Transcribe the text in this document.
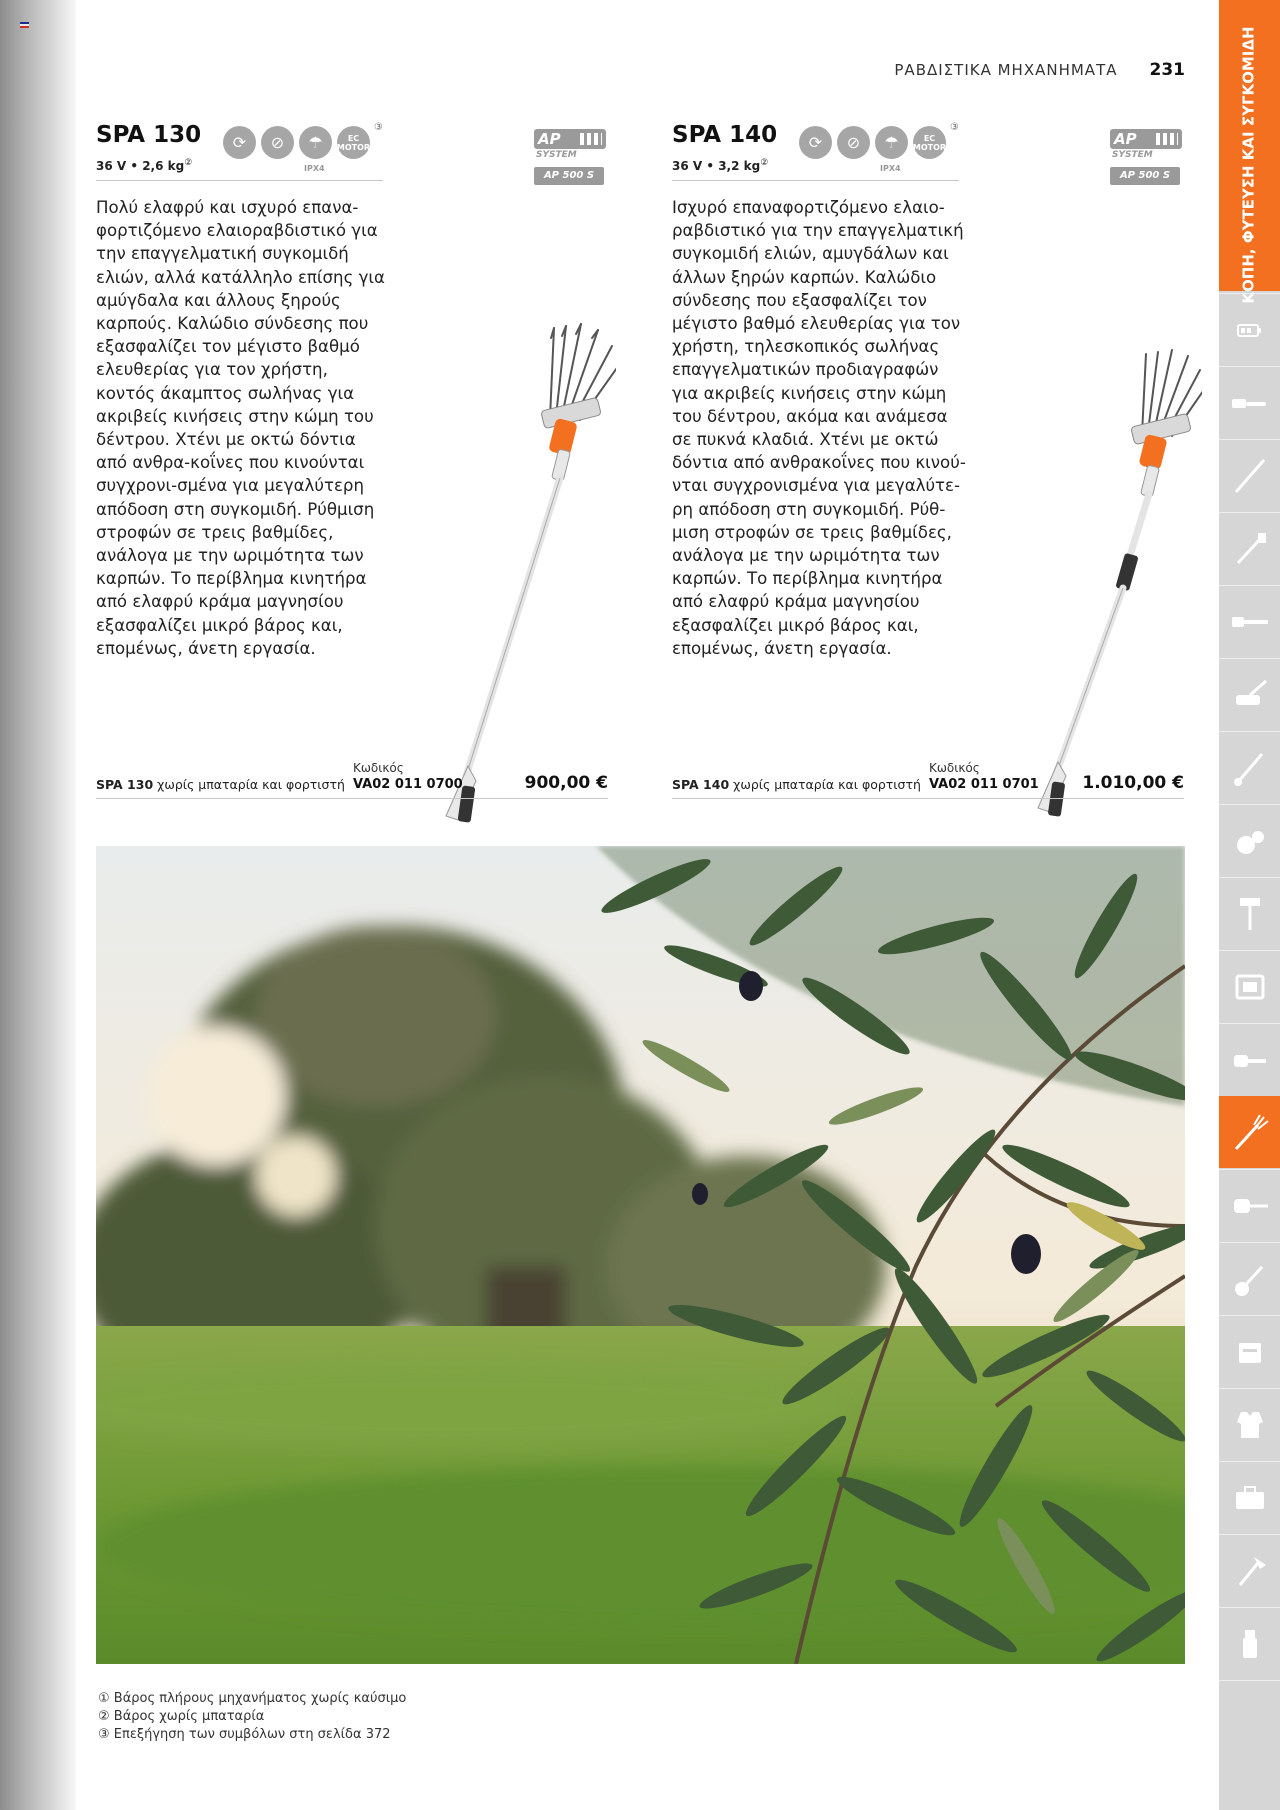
ΡΑΒΔΙΣΤΙΚΑ ΜΗΧΑΝΗΜΑΤΑ 231
SPA 130
36 V • 2,6 kg②
⟳	⊘	☂	EC MOTOR
IPX4
③
AP
SYSTEM
AP 500 S
Πολύ ελαφρύ και ισχυρό επανα-φορτιζόμενο ελαιοραβδιστικό για την επαγγελματική συγκομιδή ελιών, αλλά κατάλληλο επίσης για αμύγδαλα και άλλους ξηρούς καρπούς. Καλώδιο σύνδεσης που εξασφαλίζει τον μέγιστο βαθμό ελευθερίας για τον χρήστη, κοντός άκαμπτος σωλήνας για ακριβείς κινήσεις στην κώμη του δέντρου. Χτένι με οκτώ δόντια από ανθρα-κοΐνες που κινούνται συγχρονι-σμένα για μεγαλύτερη απόδοση στη συγκομιδή. Ρύθμιση στροφών σε τρεις βαθμίδες, ανάλογα με την ωριμότητα των καρπών. Το περίβλημα κινητήρα από ελαφρύ κράμα μαγνησίου εξασφαλίζει μικρό βάρος και, επομένως, άνετη εργασία.
SPA 140
36 V • 3,2 kg②
⟳	⊘	☂	EC MOTOR
IPX4
③
AP
SYSTEM
AP 500 S
Ισχυρό επαναφορτιζόμενο ελαιο-ραβδιστικό για την επαγγελματική συγκομιδή ελιών, αμυγδάλων και άλλων ξηρών καρπών. Καλώδιο σύνδεσης που εξασφαλίζει τον μέγιστο βαθμό ελευθερίας για τον χρήστη, τηλεσκοπικός σωλήνας επαγγελματικών προδιαγραφών για ακριβείς κινήσεις στην κώμη του δέντρου, ακόμα και ανάμεσα σε πυκνά κλαδιά. Χτένι με οκτώ δόντια από ανθρακοΐνες που κινού-νται συγχρονισμένα για μεγαλύτε-ρη απόδοση στη συγκομιδή. Ρύθ-μιση στροφών σε τρεις βαθμίδες, ανάλογα με την ωριμότητα των καρπών. Το περίβλημα κινητήρα από ελαφρύ κράμα μαγνησίου εξασφαλίζει μικρό βάρος και, επομένως, άνετη εργασία.
SPA 130 χωρίς μπαταρία και φορτιστή
Κωδικός
VA02 011 0700	900,00 €	SPA 140 χωρίς μπαταρία και φορτιστή
Κωδικός
VA02 011 0701	1.010,00 €
① Βάρος πλήρους μηχανήματος χωρίς καύσιμο
② Βάρος χωρίς μπαταρία
③ Επεξήγηση των συμβόλων στη σελίδα 372
ΚΟΠΗ, ΦΥΤΕΥΣΗ ΚΑΙ ΣΥΓΚΟΜΙΔΗ
